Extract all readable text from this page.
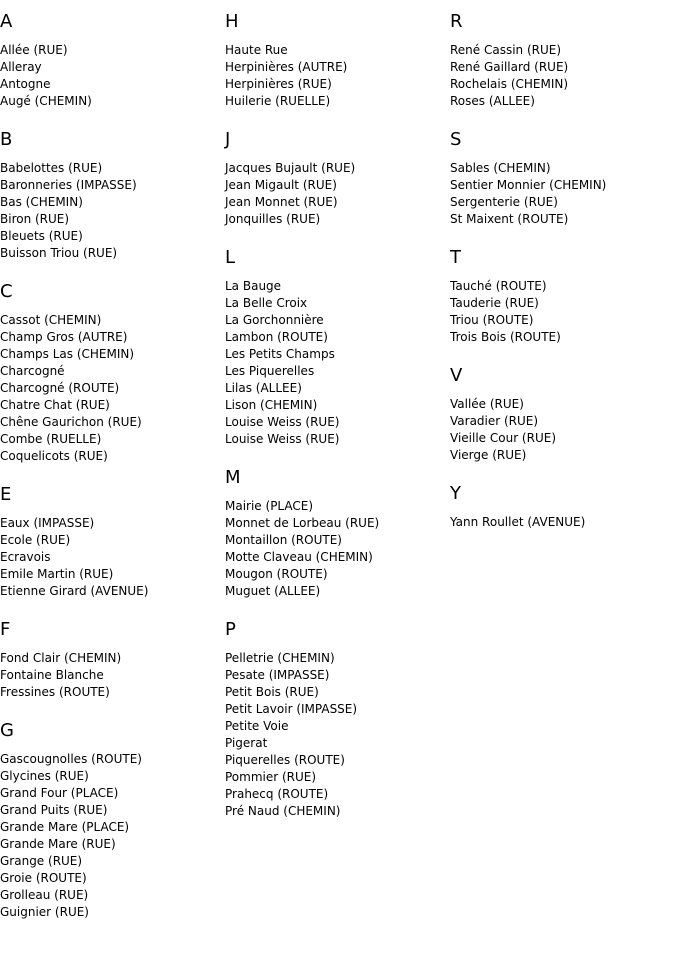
A
Allée (RUE)
Alleray
Antogne
Augé (CHEMIN)
B
Babelottes (RUE)
Baronneries (IMPASSE)
Bas (CHEMIN)
Biron (RUE)
Bleuets (RUE)
Buisson Triou (RUE)
C
Cassot (CHEMIN)
Champ Gros (AUTRE)
Champs Las (CHEMIN)
Charcogné
Charcogné (ROUTE)
Chatre Chat (RUE)
Chêne Gaurichon (RUE)
Combe (RUELLE)
Coquelicots (RUE)
E
Eaux (IMPASSE)
Ecole (RUE)
Ecravois
Emile Martin (RUE)
Etienne Girard (AVENUE)
F
Fond Clair (CHEMIN)
Fontaine Blanche
Fressines (ROUTE)
G
Gascougnolles (ROUTE)
Glycines (RUE)
Grand Four (PLACE)
Grand Puits (RUE)
Grande Mare (PLACE)
Grande Mare (RUE)
Grange (RUE)
Groie (ROUTE)
Grolleau (RUE)
Guignier (RUE)
H
Haute Rue
Herpinières (AUTRE)
Herpinières (RUE)
Huilerie (RUELLE)
J
Jacques Bujault (RUE)
Jean Migault (RUE)
Jean Monnet (RUE)
Jonquilles (RUE)
L
La Bauge
La Belle Croix
La Gorchonnière
Lambon (ROUTE)
Les Petits Champs
Les Piquerelles
Lilas (ALLEE)
Lison (CHEMIN)
Louise Weiss (RUE)
Louise Weiss (RUE)
M
Mairie (PLACE)
Monnet de Lorbeau (RUE)
Montaillon (ROUTE)
Motte Claveau (CHEMIN)
Mougon (ROUTE)
Muguet (ALLEE)
P
Pelletrie (CHEMIN)
Pesate (IMPASSE)
Petit Bois (RUE)
Petit Lavoir (IMPASSE)
Petite Voie
Pigerat
Piquerelles (ROUTE)
Pommier (RUE)
Prahecq (ROUTE)
Pré Naud (CHEMIN)
R
René Cassin (RUE)
René Gaillard (RUE)
Rochelais (CHEMIN)
Roses (ALLEE)
S
Sables (CHEMIN)
Sentier Monnier (CHEMIN)
Sergenterie (RUE)
St Maixent (ROUTE)
T
Tauché (ROUTE)
Tauderie (RUE)
Triou (ROUTE)
Trois Bois (ROUTE)
V
Vallée (RUE)
Varadier (RUE)
Vieille Cour (RUE)
Vierge (RUE)
Y
Yann Roullet (AVENUE)
